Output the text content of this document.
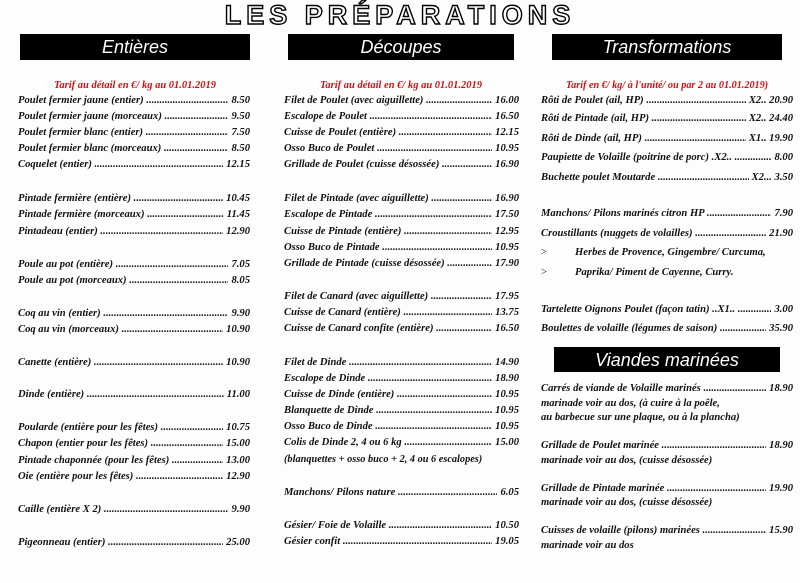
LES PRÉPARATIONS
Entières
Tarif au détail en €/ kg au 01.01.2019
Poulet fermier jaune (entier) .....	8.50
Poulet fermier jaune (morceaux) .....	9.50
Poulet fermier blanc (entier) .....	7.50
Poulet fermier blanc (morceaux) .....	8.50
Coquelet (entier) .....	12.15
Pintade fermière (entière) .....	10.45
Pintade fermière (morceaux) .....	11.45
Pintadeau (entier) .....	12.90
Poule au pot (entière) .....	7.05
Poule au pot (morceaux) .....	8.05
Coq au vin (entier) .....	9.90
Coq au vin (morceaux) .....	10.90
Canette (entière) .....	10.90
Dinde (entière) .....	11.00
Poularde (entière pour les fêtes) .....	10.75
Chapon (entier pour les fêtes) .....	15.00
Pintade chaponnée (pour les fêtes) .....	13.00
Oie (entière pour les fêtes) .....	12.90
Caille (entière X 2) .....	9.90
Pigeonneau (entier) .....	25.00
Découpes
Tarif au détail en €/ kg au 01.01.2019
Filet de Poulet (avec aiguillette) .....	16.00
Escalope de Poulet .....	16.50
Cuisse de Poulet (entière) .....	12.15
Osso Buco de Poulet .....	10.95
Grillade de Poulet (cuisse désossée) .....	16.90
Filet de Pintade (avec aiguillette) .....	16.90
Escalope de Pintade .....	17.50
Cuisse de Pintade (entière) .....	12.95
Osso Buco de Pintade .....	10.95
Grillade de Pintade (cuisse désossée) .....	17.90
Filet de Canard (avec aiguillette) .....	17.95
Cuisse de Canard (entière) .....	13.75
Cuisse de Canard confite (entière) .....	16.50
Filet de Dinde .....	14.90
Escalope de Dinde .....	18.90
Cuisse de Dinde (entière) .....	10.95
Blanquette de Dinde .....	10.95
Osso Buco de Dinde .....	10.95
Colis de Dinde 2, 4 ou 6 kg .....	15.00
(blanquettes + osso buco + 2, 4 ou 6 escalopes)
Manchons/ Pilons nature .....	6.05
Gésier/ Foie de Volaille .....	10.50
Gésier confit .....	19.05
Transformations
Tarif en €/ kg/ à l'unité/ ou par 2 au 01.01.2019)
Rôti de Poulet (ail, HP) .....	X2.. 20.90
Rôti de Pintade (ail, HP) .....	X2.. 24.40
Rôti de Dinde (ail, HP) .....	X1.. 19.90
Paupiette de Volaille (poitrine de porc) .X2.. .....	8.00
Buchette poulet Moutarde .....	X2... 3.50
Manchons/ Pilons marinés citron HP .....	7.90
Croustillants (nuggets de volailles) .....	21.90
>	Herbes de Provence, Gingembre/ Curcuma,
>	Paprika/ Piment de Cayenne, Curry.
Tartelette Oignons Poulet (façon tatin) ..X1.. .....	3.00
Boulettes de volaille (légumes de saison) .....	35.90
Viandes marinées
Carrés de viande de Volaille marinés .....	18.90
marinade voir au dos, (à cuire à la poêle,
au barbecue sur une plaque, ou à la plancha)
Grillade de Poulet marinée .....	18.90
marinade voir au dos, (cuisse désossée)
Grillade de Pintade marinée .....	19.90
marinade voir au dos, (cuisse désossée)
Cuisses de volaille (pilons) marinées .....	15.90
marinade voir au dos
